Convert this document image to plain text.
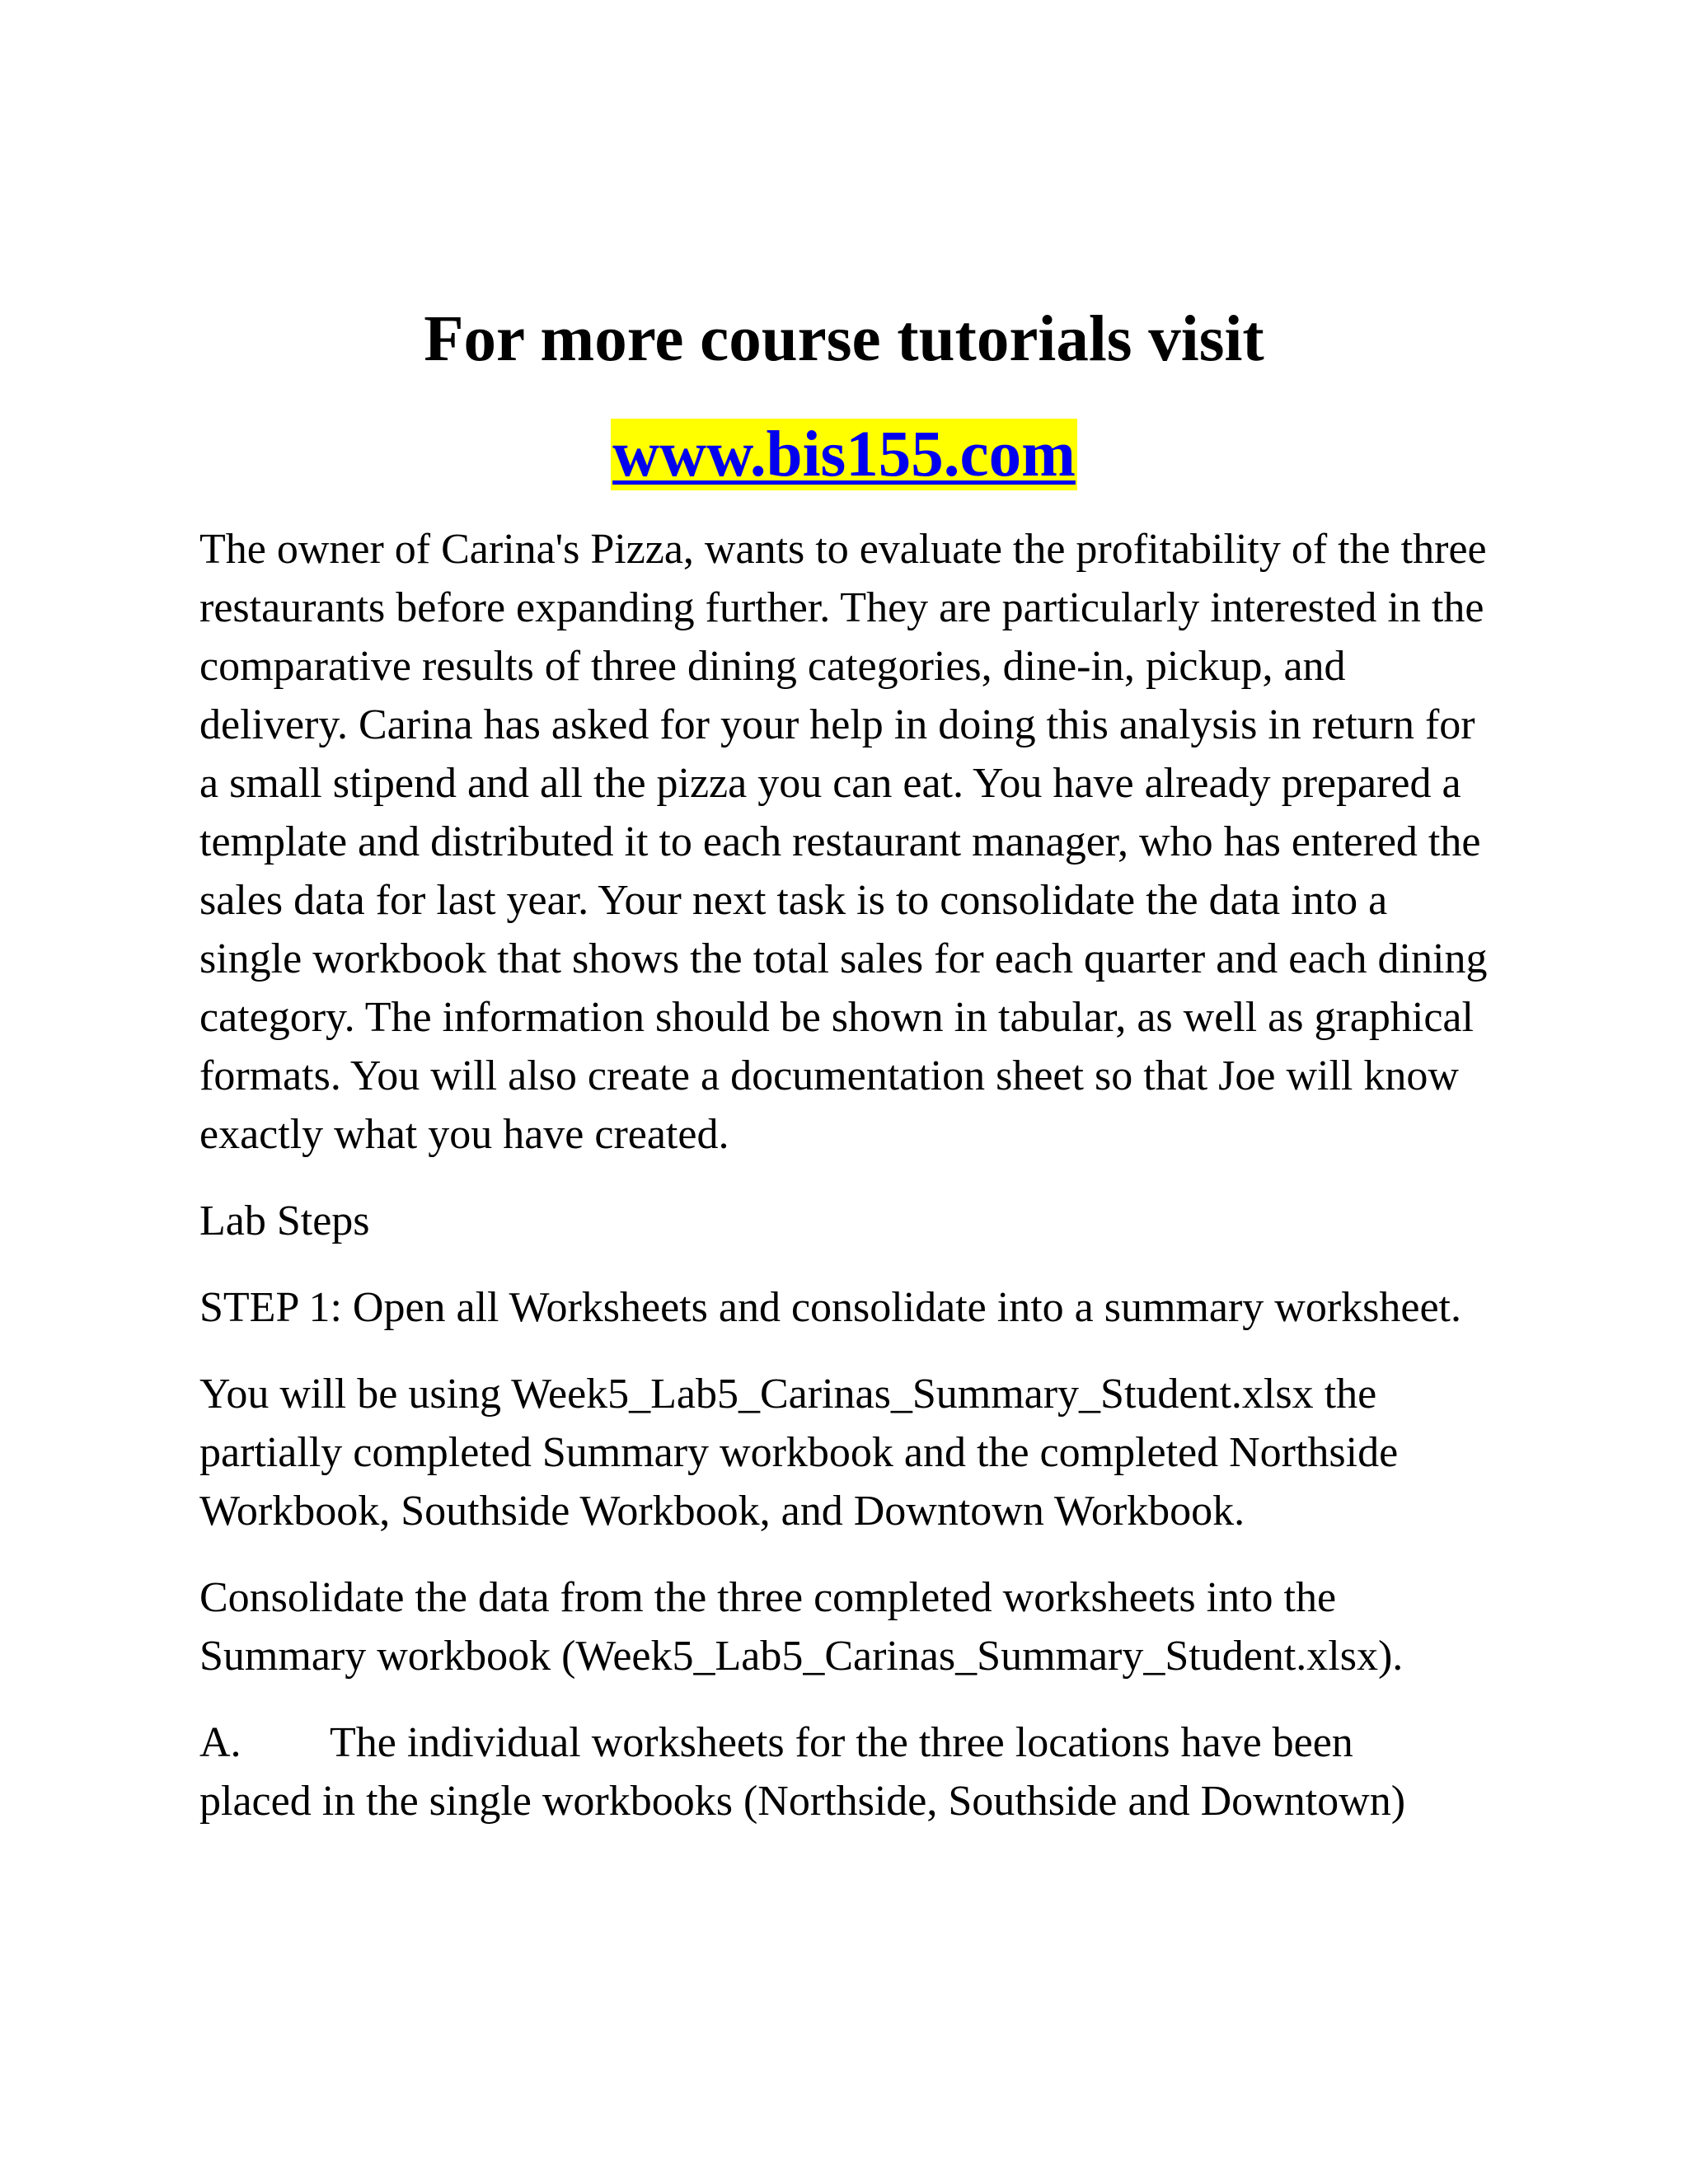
For more course tutorials visit

www.bis155.com

The owner of Carina's Pizza, wants to evaluate the profitability of the three restaurants before expanding further. They are particularly interested in the comparative results of three dining categories, dine-in, pickup, and delivery. Carina has asked for your help in doing this analysis in return for a small stipend and all the pizza you can eat. You have already prepared a template and distributed it to each restaurant manager, who has entered the sales data for last year. Your next task is to consolidate the data into a single workbook that shows the total sales for each quarter and each dining category. The information should be shown in tabular, as well as graphical formats. You will also create a documentation sheet so that Joe will know exactly what you have created.

Lab Steps

STEP 1: Open all Worksheets and consolidate into a summary worksheet.

You will be using Week5_Lab5_Carinas_Summary_Student.xlsx the partially completed Summary workbook and the completed Northside Workbook, Southside Workbook, and Downtown Workbook.

Consolidate the data from the three completed worksheets into the Summary workbook (Week5_Lab5_Carinas_Summary_Student.xlsx).

A.	The individual worksheets for the three locations have been
placed in the single workbooks (Northside, Southside and Downtown)
